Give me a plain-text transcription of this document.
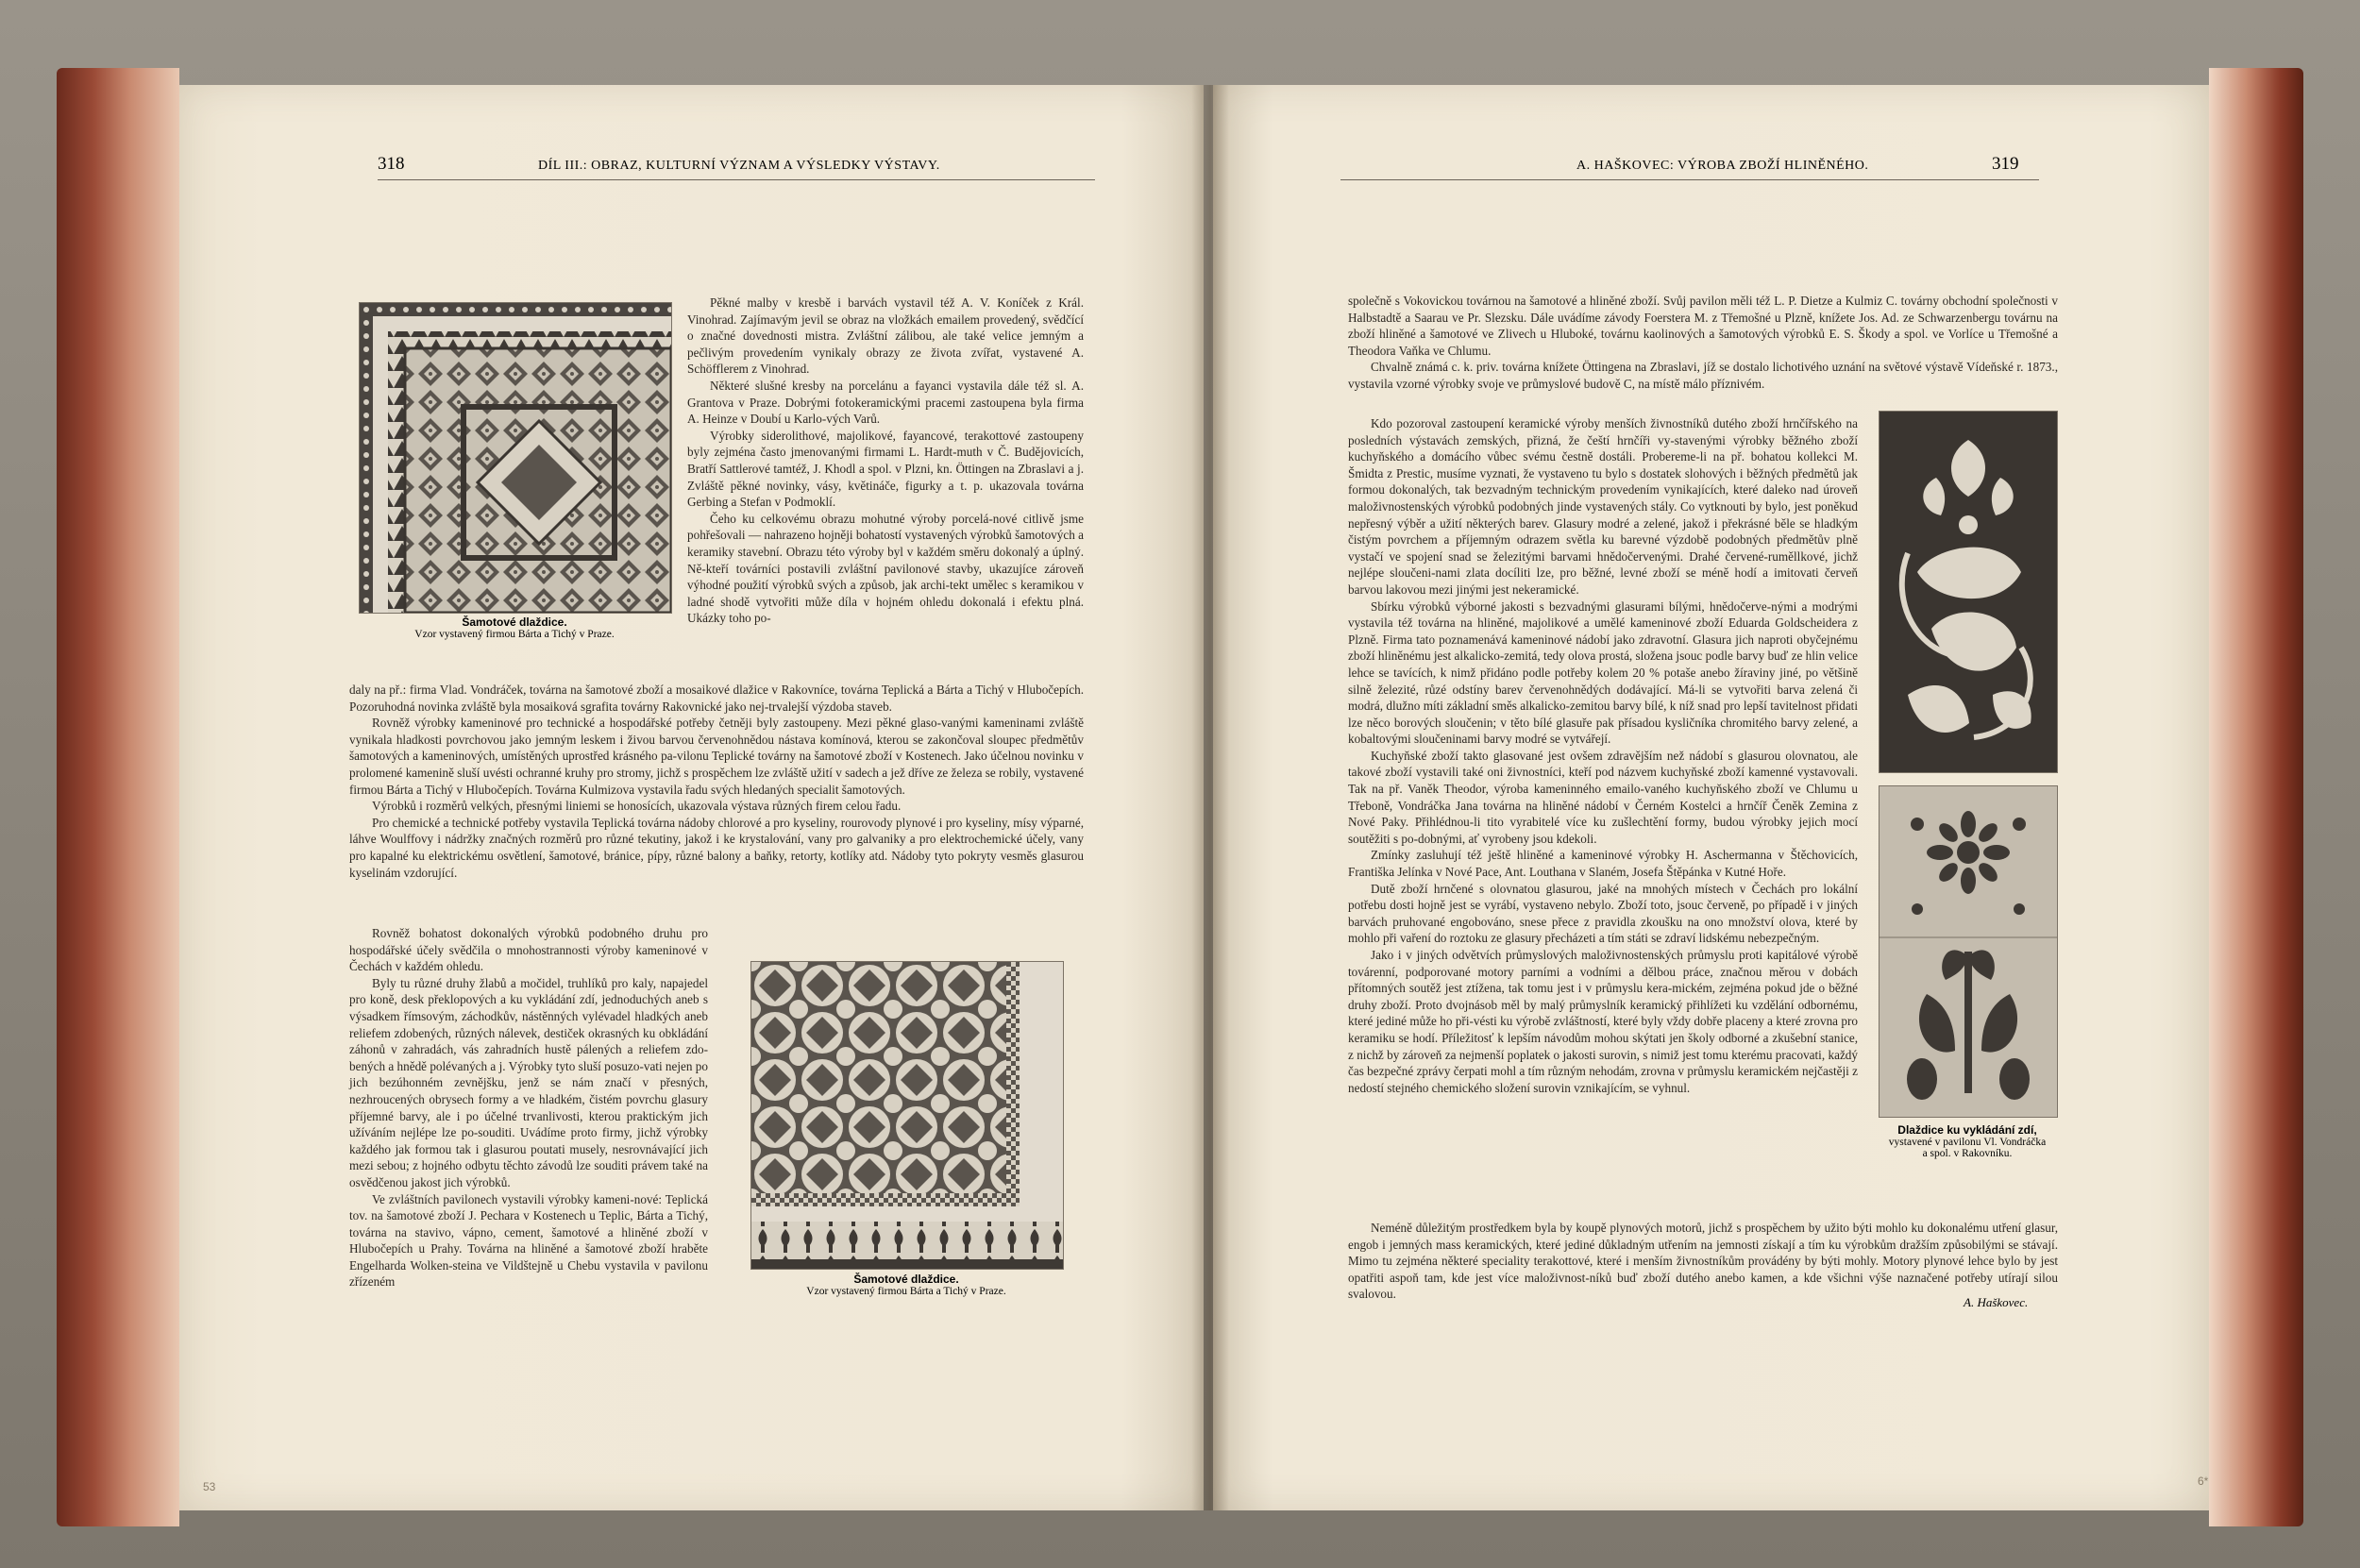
318	DÍL III.: OBRAZ, KULTURNÍ VÝZNAM A VÝSLEDKY VÝSTAVY.
Šamotové dlaždice.
Vzor vystavený firmou Bárta a Tichý v Praze.

Pěkné malby v kresbě i barvách vystavil též A. V. Koníček z Král. Vinohrad. Zajímavým jevil se obraz na vložkách emailem provedený, svědčící o značné dovednosti mistra. Zvláštní zálibou, ale také velice jemným a pečlivým provedením vynikaly obrazy ze života zvířat, vystavené A. Schöfflerem z Vinohrad.

Některé slušné kresby na porcelánu a fayanci vystavila dále též sl. A. Grantova v Praze. Dobrými fotokeramickými pracemi zastoupena byla firma A. Heinze v Doubí u Karlo-vých Varů.

Výrobky siderolithové, majolikové, fayancové, terakottové zastoupeny byly zejména často jmenovanými firmami L. Hardt-muth v Č. Budějovicích, Bratří Sattlerové tamtéž, J. Khodl a spol. v Plzni, kn. Öttingen na Zbraslavi a j. Zvláště pěkné novinky, vásy, květináče, figurky a t. p. ukazovala továrna Gerbing a Stefan v Podmoklí.

Čeho ku celkovému obrazu mohutné výroby porcelá-nové citlivě jsme pohřešovali — nahrazeno hojněji bohatostí vystavených výrobků šamotových a keramiky stavební. Obrazu této výroby byl v každém směru dokonalý a úplný. Ně-kteří továrníci postavili zvláštní pavilonové stavby, ukazujíce zároveň výhodné použití výrobků svých a způsob, jak archi-tekt umělec s keramikou v ladné shodě vytvořiti může díla v hojném ohledu dokonalá i efektu plná. Ukázky toho po-

daly na př.: firma Vlad. Vondráček, továrna na šamotové zboží a mosaikové dlažice v Rakovníce, továrna Teplická a Bárta a Tichý v Hlubočepích. Pozoruhodná novinka zvláště byla mosaiková sgrafita továrny Rakovnické jako nej-trvalejší výzdoba staveb.

Rovněž výrobky kameninové pro technické a hospodářské potřeby četněji byly zastoupeny. Mezi pěkné glaso-vanými kameninami zvláště vynikala hladkosti povrchovou jako jemným leskem i živou barvou červenohnědou nástava komínová, kterou se zakončoval sloupec předmětův šamotových a kameninových, umístěných uprostřed krásného pa-vilonu Teplické továrny na šamotové zboží v Kostenech. Jako účelnou novinku v prolomené kamenině sluší uvésti ochranné kruhy pro stromy, jichž s prospěchem lze zvláště užití v sadech a jež dříve ze železa se robily, vystavené firmou Bárta a Tichý v Hlubočepích. Továrna Kulmizova vystavila řadu svých hledaných specialit šamotových.

Výrobků i rozměrů velkých, přesnými liniemi se honosících, ukazovala výstava různých firem celou řadu.

Pro chemické a technické potřeby vystavila Teplická továrna nádoby chlorové a pro kyseliny, rourovody plynové i pro kyseliny, mísy výparné, láhve Woulffovy i nádržky značných rozměrů pro různé tekutiny, jakož i ke krystalování, vany pro galvaniky a pro elektrochemické účely, vany pro kapalné ku elektrickému osvětlení, šamotové, bránice, pípy, různé balony a baňky, retorty, kotlíky atd. Nádoby tyto pokryty vesměs glasurou kyselinám vzdorující.

Rovněž bohatost dokonalých výrobků podobného druhu pro hospodářské účely svědčila o mnohostrannosti výroby kameninové v Čechách v každém ohledu.

Byly tu různé druhy žlabů a močidel, truhlíků pro kaly, napajedel pro koně, desk překlopových a ku vykládání zdí, jednoduchých aneb s výsadkem římsovým, záchodkův, nástěnných vylévadel hladkých aneb reliefem zdobených, různých nálevek, destiček okrasných ku obkládání záhonů v zahradách, vás zahradních hustě pálených a reliefem zdo-bených a hnědě polévaných a j. Výrobky tyto sluší posuzo-vati nejen po jich bezúhonném zevnějšku, jenž se nám značí v přesných, nezhroucených obrysech formy a ve hladkém, čistém povrchu glasury příjemné barvy, ale i po účelné trvanlivosti, kterou praktickým jich užíváním nejlépe lze po-souditi. Uvádíme proto firmy, jichž výrobky každého jak formou tak i glasurou poutati musely, nesrovnávající jich mezi sebou; z hojného odbytu těchto závodů lze souditi právem také na osvědčenou jakost jich výrobků.

Ve zvláštních pavilonech vystavili výrobky kameni-nové: Teplická tov. na šamotové zboží J. Pechara v Kostenech u Teplic, Bárta a Tichý, továrna na stavivo, vápno, cement, šamotové a hliněné zboží v Hlubočepích u Prahy. Továrna na hliněné a šamotové zboží hraběte Engelharda Wolken-steina ve Vildštejně u Chebu vystavila v pavilonu zřízeném	Šamotové dlaždice.
Vzor vystavený firmou Bárta a Tichý v Praze.
53
A. HAŠKOVEC: VÝROBA ZBOŽÍ HLINĚNÉHO.	319

společně s Vokovickou továrnou na šamotové a hliněné zboží. Svůj pavilon měli též L. P. Dietze a Kulmiz C. továrny obchodní společnosti v Halbstadtě a Saarau ve Pr. Slezsku. Dále uvádíme závody Foerstera M. z Třemošné u Plzně, knížete Jos. Ad. ze Schwarzenbergu továrnu na zboží hliněné a šamotové ve Zlivech u Hluboké, továrnu kaolinových a šamotových výrobků E. S. Škody a spol. ve Vorlíce u Třemošné a Theodora Vaňka ve Chlumu.

Chvalně známá c. k. priv. továrna knížete Öttingena na Zbraslavi, jíž se dostalo lichotivého uznání na světové výstavě Vídeňské r. 1873., vystavila vzorné výrobky svoje ve průmyslové budově C, na místě málo příznivém.

Kdo pozoroval zastoupení keramické výroby menších živnostníků dutého zboží hrnčířského na posledních výstavách zemských, přizná, že čeští hrnčíři vy-stavenými výrobky běžného zboží kuchyňského a domácího vůbec svému čestně dostáli. Probereme-li na př. bohatou kollekci M. Šmidta z Prestic, musíme vyznati, že vystaveno tu bylo s dostatek slohových i běžných předmětů jak formou dokonalých, tak bezvadným technickým provedením vynikajících, které daleko nad úroveň maloživnostenských výrobků podobných jinde vystavených stály. Co vytknouti by bylo, jest poněkud nepřesný výběr a užití některých barev. Glasury modré a zelené, jakož i překrásné běle se hladkým čistým povrchem a příjemným odrazem světla ku barevné výzdobě podobných předmětův plně vystačí ve spojení snad se železitými barvami hnědočervenými. Drahé červené-ruměllkové, jichž nejlépe sloučeni-nami zlata docíliti lze, pro běžné, levné zboží se méně hodí a imitovati červeň barvou lakovou mezi jinými jest nekeramické.

Sbírku výrobků výborné jakosti s bezvadnými glasurami bílými, hnědočerve-nými a modrými vystavila též továrna na hliněné, majolikové a umělé kameninové zboží Eduarda Goldscheidera z Plzně. Firma tato poznamenává kameninové nádobí jako zdravotní. Glasura jich naproti obyčejnému zboží hliněnému jest alkalicko-zemitá, tedy olova prostá, složena jsouc podle barvy buď ze hlin velice lehce se tavících, k nimž přidáno podle potřeby kolem 20 % potaše anebo žíraviny jiné, po většině silně železité, růzé odstíny barev červenohnědých dodávající. Má-li se vytvořiti barva zelená či modrá, dlužno míti základní směs alkalicko-zemitou barvy bílé, k níž snad pro lepší tavitelnost přidati lze něco borových sloučenin; v těto bílé glasuře pak přísadou kysličníka chromitého barvy zelené, a kobaltovými sloučeninami barvy modré se vytvářejí.

Kuchyňské zboží takto glasované jest ovšem zdravějším než nádobí s glasurou olovnatou, ale takové zboží vystavili také oni živnostníci, kteří pod názvem kuchyňské zboží kamenné vystavovali. Tak na př. Vaněk Theodor, výroba kameninného emailo-vaného kuchyňského zboží ve Chlumu u Třeboně, Vondráčka Jana továrna na hliněné nádobí v Černém Kostelci a hrnčíř Čeněk Zemina z Nové Paky. Přihlédnou-li tito vyrabitelé více ku zušlechtění formy, budou výrobky jejich mocí soutěžiti s po-dobnými, ať vyrobeny jsou kdekoli.

Zmínky zasluhují též ještě hliněné a kameninové výrobky H. Aschermanna v Štěchovicích, Františka Jelínka v Nové Pace, Ant. Louthana v Slaném, Josefa Štěpánka v Kutné Hoře.

Dutě zboží hrnčené s olovnatou glasurou, jaké na mnohých místech v Čechách pro lokální potřebu dosti hojně jest se vyrábí, vystaveno nebylo. Zboží toto, jsouc červeně, po případě i v jiných barvách pruhované engobováno, snese přece z pravidla zkoušku na ono množství olova, které by mohlo při vaření do roztoku ze glasury přecházeti a tím státi se zdraví lidskému nebezpečným.

Jako i v jiných odvětvích průmyslových maloživnostenských průmyslu proti kapitálové výrobě továrenní, podporované motory parními a vodními a dělbou práce, značnou měrou v dobách přítomných soutěž jest ztížena, tak tomu jest i v průmyslu kera-mickém, zejména pokud jde o běžné druhy zboží. Proto dvojnásob měl by malý průmyslník keramický přihlížeti ku vzdělání odbornému, které jediné může ho při-vésti ku výrobě zvláštností, které byly vždy dobře placeny a které zrovna pro keramiku se hodí. Příležitosť k lepším návodům mohou skýtati jen školy odborné a zkušební stanice, z nichž by zároveň za nejmenší poplatek o jakosti surovin, s nimiž jest tomu kterému pracovati, každý čas bezpečné zprávy čerpati mohl a tím různým nehodám, zrovna v průmyslu keramickém nejčastěji z nedostí stejného chemického složení surovin vznikajícím, se vyhnul.

Dlaždice ku vykládání zdí,
vystavené v pavilonu Vl. Vondráčka
a spol. v Rakovníku.

Neméně důležitým prostředkem byla by koupě plynových motorů, jichž s prospěchem by užito býti mohlo ku dokonalému utření glasur, engob i jemných mass keramických, které jediné důkladným utřením na jemnosti získají a tím ku výrobkům dražším způsobilými se stávají. Mimo tu zejména některé speciality terakottové, které i menším živnostníkům provádény by býti mohly. Motory plynové lehce bylo by jest opatřiti aspoň tam, kde jest více maloživnost-níků buď zboží dutého anebo kamen, a kde všichni výše naznačené potřeby utírají silou svalovou.

A. Haškovec.
6*
